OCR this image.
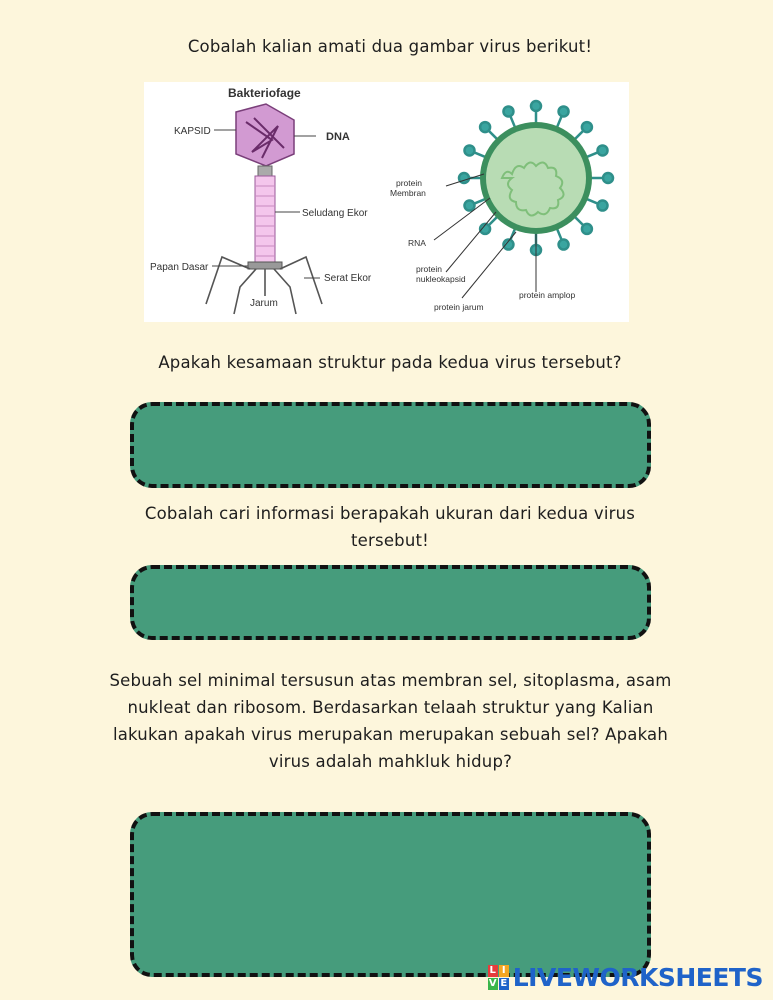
Cobalah kalian amati dua gambar virus berikut!
Bakteriofage
KAPSID	DNA
Seludang Ekor
Papan Dasar
Serat Ekor
Jarum
protein
Membran
RNA
protein
nukleokapsid
protein jarum
protein amplop
Apakah kesamaan struktur pada kedua virus tersebut?
Cobalah cari informasi berapakah ukuran dari kedua virus tersebut!
Sebuah sel minimal tersusun atas membran sel, sitoplasma, asam nukleat dan ribosom. Berdasarkan telaah struktur yang Kalian lakukan apakah virus merupakan merupakan sebuah sel? Apakah virus adalah mahkluk hidup?
L I
V E LIVEWORKSHEETS
